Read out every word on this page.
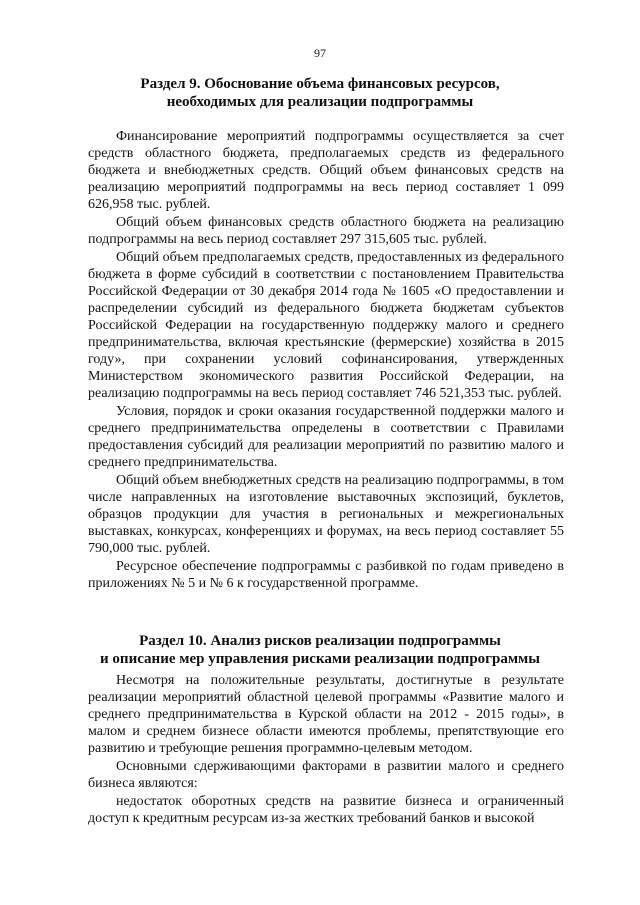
97
Раздел 9. Обоснование объема финансовых ресурсов,
необходимых для реализации подпрограммы

Финансирование мероприятий подпрограммы осуществляется за счет средств областного бюджета, предполагаемых средств из федерального бюджета и внебюджетных средств. Общий объем финансовых средств на реализацию мероприятий подпрограммы на весь период составляет 1 099 626,958 тыс. рублей.

Общий объем финансовых средств областного бюджета на реализацию подпрограммы на весь период составляет 297 315,605 тыс. рублей.

Общий объем предполагаемых средств, предоставленных из федерального бюджета в форме субсидий в соответствии с постановлением Правительства Российской Федерации от 30 декабря 2014 года № 1605 «О предоставлении и распределении субсидий из федерального бюджета бюджетам субъектов Российской Федерации на государственную поддержку малого и среднего предпринимательства, включая крестьянские (фермерские) хозяйства в 2015 году», при сохранении условий софинансирования, утвержденных Министерством экономического развития Российской Федерации, на реализацию подпрограммы на весь период составляет 746 521,353 тыс. рублей.

Условия, порядок и сроки оказания государственной поддержки малого и среднего предпринимательства определены в соответствии с Правилами предоставления субсидий для реализации мероприятий по развитию малого и среднего предпринимательства.

Общий объем внебюджетных средств на реализацию подпрограммы, в том числе направленных на изготовление выставочных экспозиций, буклетов, образцов продукции для участия в региональных и межрегиональных выставках, конкурсах, конференциях и форумах, на весь период составляет 55 790,000 тыс. рублей.

Ресурсное обеспечение подпрограммы с разбивкой по годам приведено в приложениях № 5 и № 6 к государственной программе.

Раздел 10. Анализ рисков реализации подпрограммы
и описание мер управления рисками реализации подпрограммы

Несмотря на положительные результаты, достигнутые в результате реализации мероприятий областной целевой программы «Развитие малого и среднего предпринимательства в Курской области на 2012 - 2015 годы», в малом и среднем бизнесе области имеются проблемы, препятствующие его развитию и требующие решения программно-целевым методом.

Основными сдерживающими факторами в развитии малого и среднего бизнеса являются:

недостаток оборотных средств на развитие бизнеса и ограниченный доступ к кредитным ресурсам из-за жестких требований банков и высокой
